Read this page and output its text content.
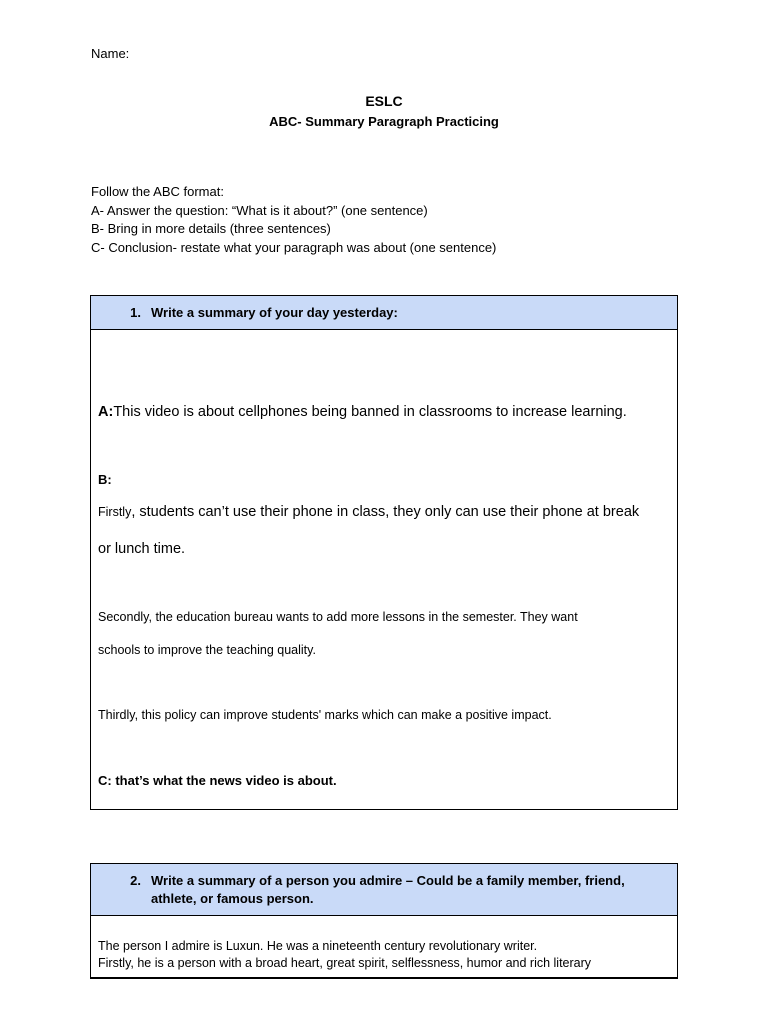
Name:
ESLC
ABC- Summary Paragraph Practicing
Follow the ABC format:
A- Answer the question: “What is it about?” (one sentence)
B- Bring in more details (three sentences)
C- Conclusion- restate what your paragraph was about (one sentence)
1. Write a summary of your day yesterday:
A:This video is about cellphones being banned in classrooms to increase learning.
B:
Firstly, students can’t use their phone in class, they only can use their phone at break
or lunch time.
Secondly, the education bureau wants to add more lessons in the semester. They want
schools to improve the teaching quality.
Thirdly, this policy can improve students' marks which can make a positive impact.
C: that’s what the news video is about.
2. Write a summary of a person you admire – Could be a family member, friend,
athlete, or famous person.
The person I admire is Luxun. He was a nineteenth century revolutionary writer.
Firstly, he is a person with a broad heart, great spirit, selflessness, humor and rich literary
